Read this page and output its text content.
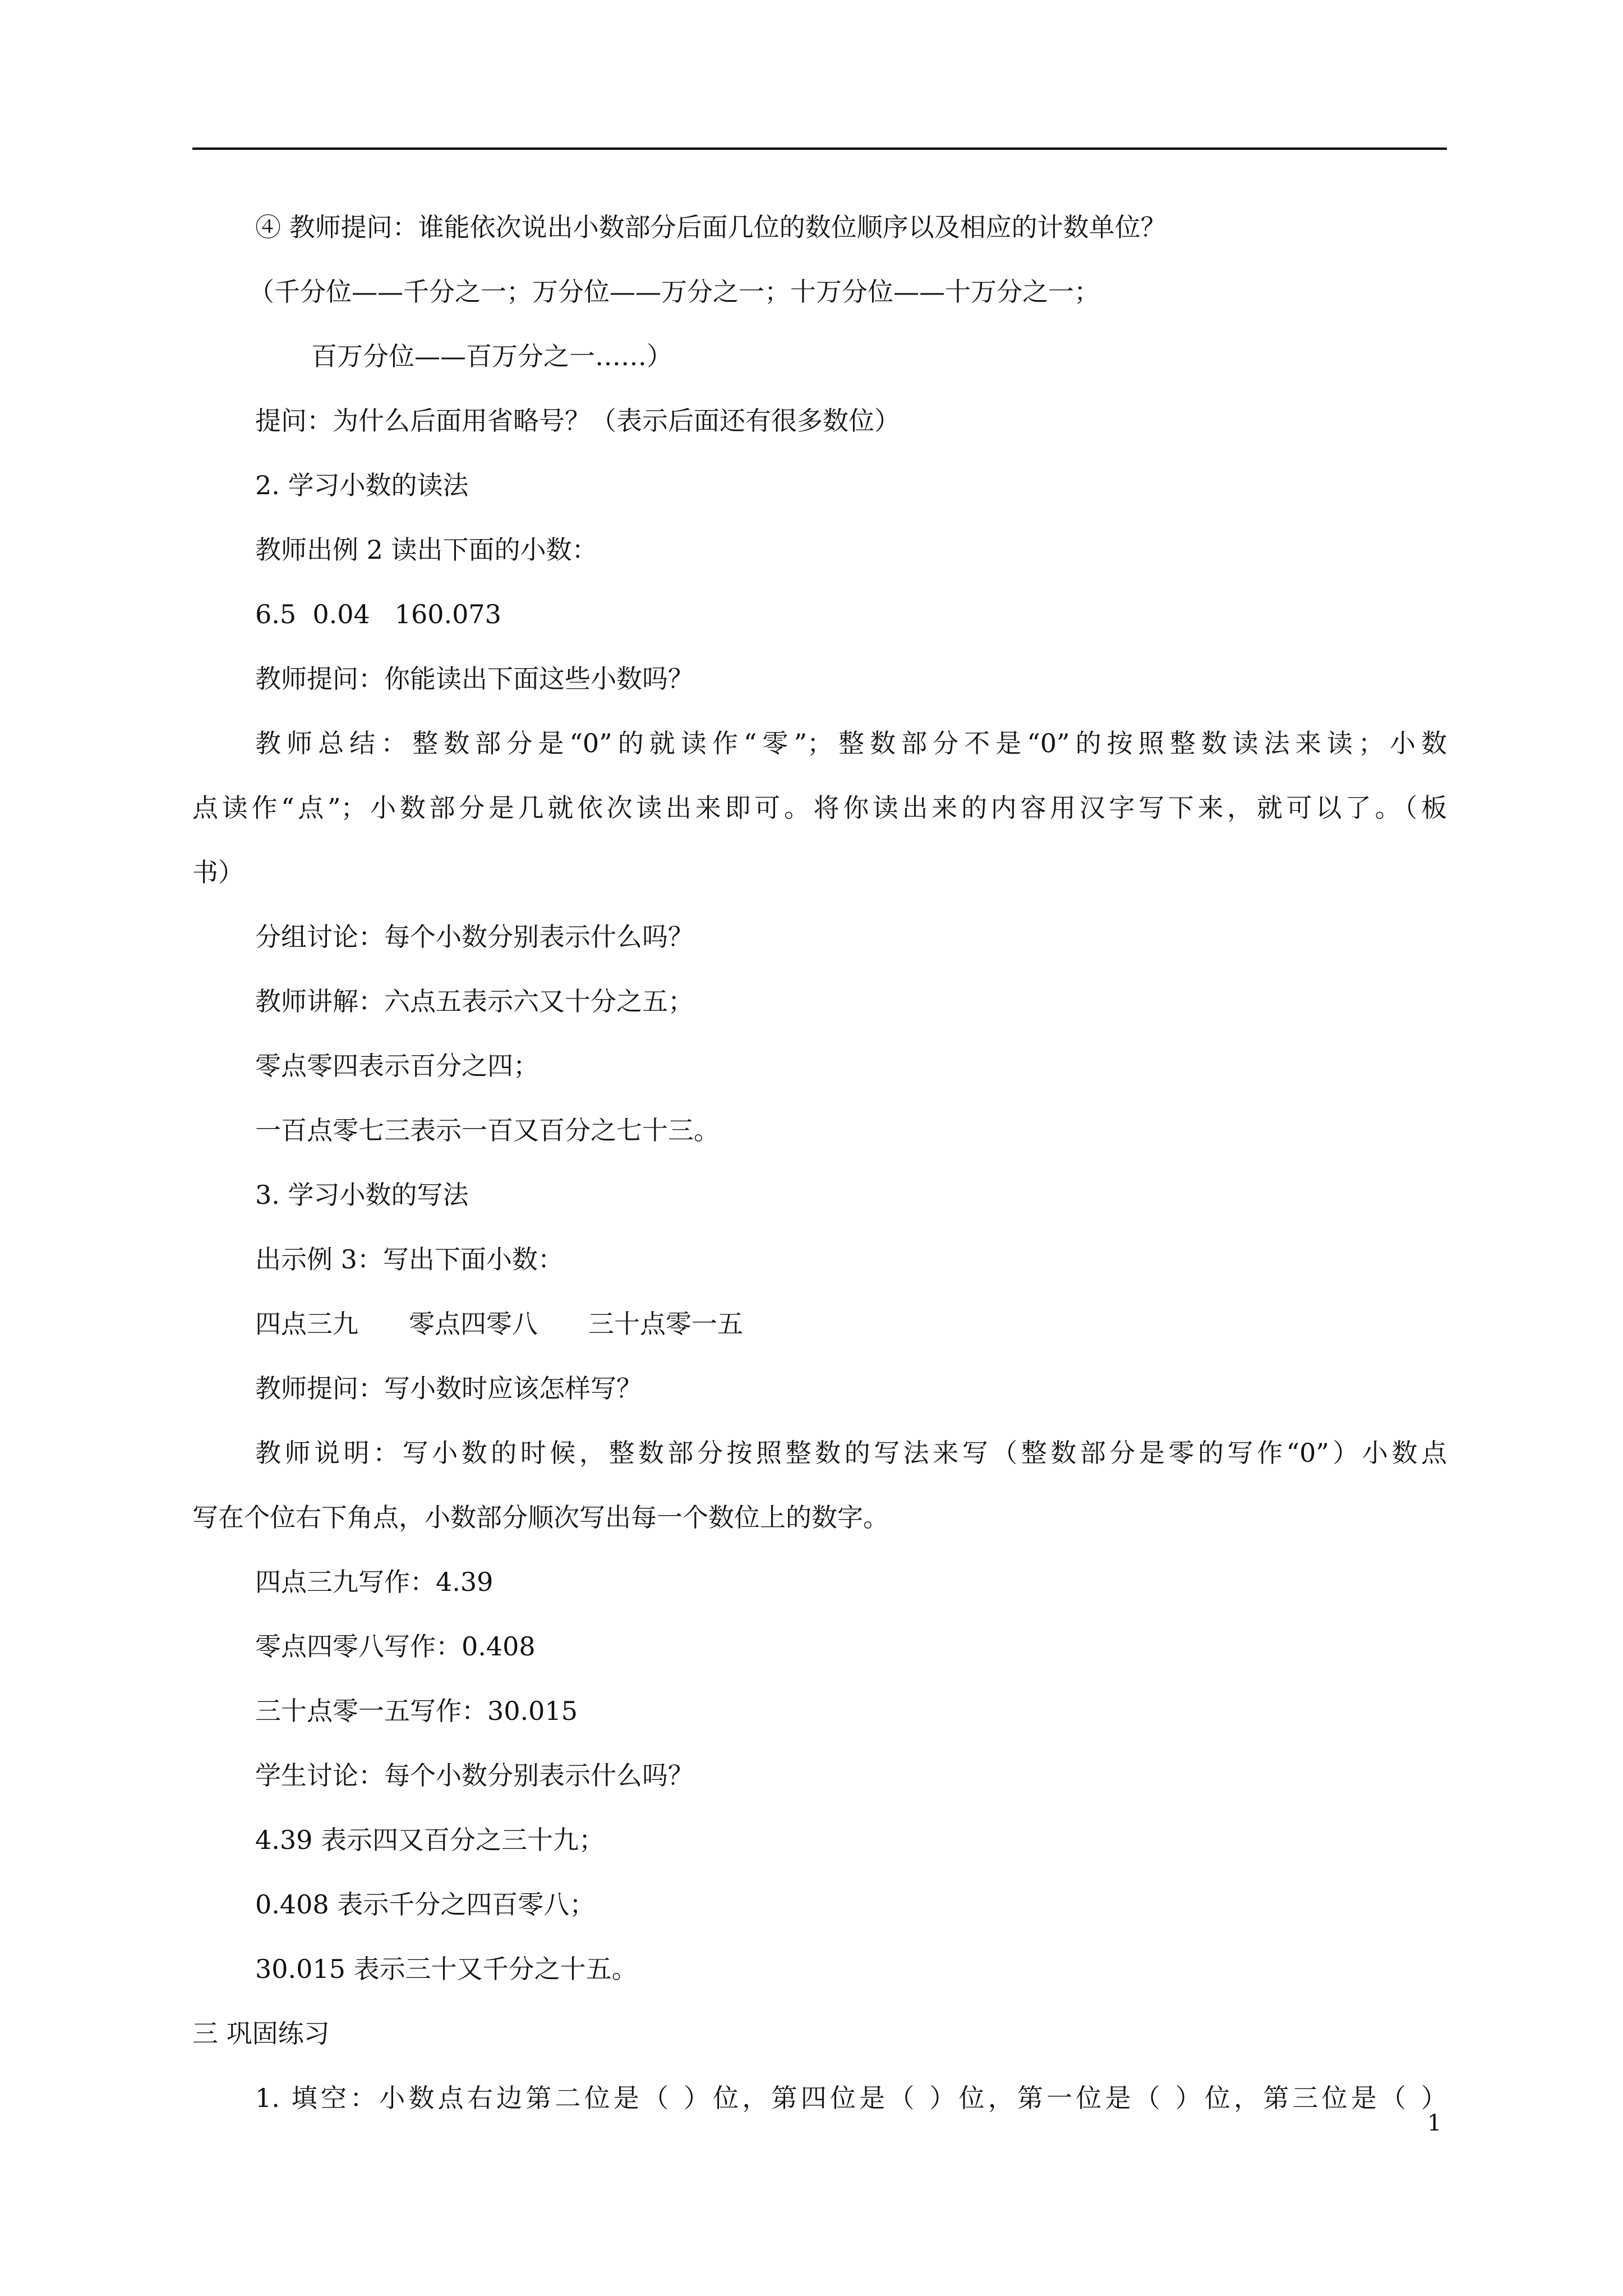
④ 教师提问：谁能依次说出小数部分后面几位的数位顺序以及相应的计数单位？
（千分位——千分之一；万分位——万分之一；十万分位——十万分之一；
百万分位——百万分之一……）
提问：为什么后面用省略号？（表示后面还有很多数位）
2. 学习小数的读法
教师出例 2 读出下面的小数：
6.5  0.04   160.073
教师提问：你能读出下面这些小数吗？
教师总结：整数部分是“0”的就读作“零”；整数部分不是“0”的按照整数读法来读；小数
点读作“点”；小数部分是几就依次读出来即可。将你读出来的内容用汉字写下来，就可以了。（板
书）
分组讨论：每个小数分别表示什么吗？
教师讲解：六点五表示六又十分之五；
零点零四表示百分之四；
一百点零七三表示一百又百分之七十三。
3. 学习小数的写法
出示例 3：写出下面小数：
四点三九 零点四零八 三十点零一五
教师提问：写小数时应该怎样写？
教师说明：写小数的时候，整数部分按照整数的写法来写（整数部分是零的写作“0”）小数点
写在个位右下角点，小数部分顺次写出每一个数位上的数字。
四点三九写作：4.39
零点四零八写作：0.408
三十点零一五写作：30.015
学生讨论：每个小数分别表示什么吗？
4.39 表示四又百分之三十九；
0.408 表示千分之四百零八；
30.015 表示三十又千分之十五。
三 巩固练习
1. 填空：小数点右边第二位是（ ）位，第四位是（ ）位，第一位是（ ）位，第三位是（ ）
1
